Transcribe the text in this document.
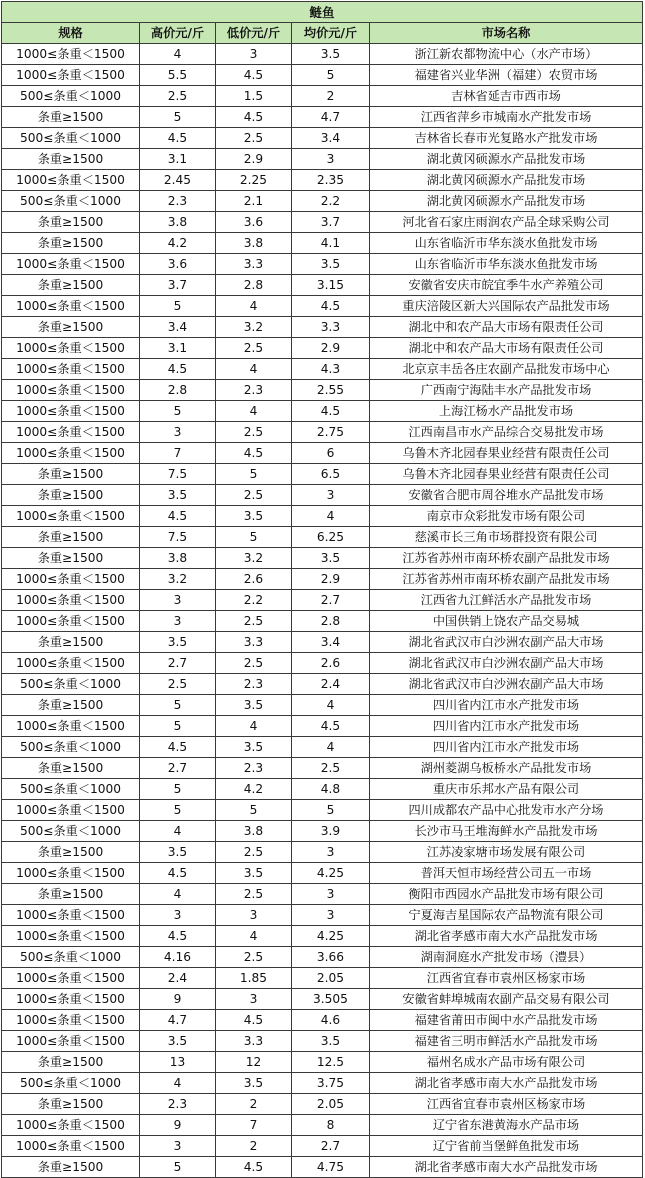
鲢鱼				
规格	高价元/斤	低价元/斤	均价元/斤	市场名称
1000≤条重＜1500	4	3	3.5	浙江新农都物流中心（水产市场）
1000≤条重＜1500	5.5	4.5	5	福建省兴业华洲（福建）农贸市场
500≤条重＜1000	2.5	1.5	2	吉林省延吉市西市场
条重≥1500	5	4.5	4.7	江西省萍乡市城南水产批发市场
500≤条重＜1000	4.5	2.5	3.4	吉林省长春市光复路水产批发市场
条重≥1500	3.1	2.9	3	湖北黄冈硕源水产品批发市场
1000≤条重＜1500	2.45	2.25	2.35	湖北黄冈硕源水产品批发市场
500≤条重＜1000	2.3	2.1	2.2	湖北黄冈硕源水产品批发市场
条重≥1500	3.8	3.6	3.7	河北省石家庄雨润农产品全球采购公司
条重≥1500	4.2	3.8	4.1	山东省临沂市华东淡水鱼批发市场
1000≤条重＜1500	3.6	3.3	3.5	山东省临沂市华东淡水鱼批发市场
条重≥1500	3.7	2.8	3.15	安徽省安庆市皖宜季牛水产养殖公司
1000≤条重＜1500	5	4	4.5	重庆涪陵区新大兴国际农产品批发市场
条重≥1500	3.4	3.2	3.3	湖北中和农产品大市场有限责任公司
1000≤条重＜1500	3.1	2.5	2.9	湖北中和农产品大市场有限责任公司
1000≤条重＜1500	4.5	4	4.3	北京京丰岳各庄农副产品批发市场中心
1000≤条重＜1500	2.8	2.3	2.55	广西南宁海陆丰水产品批发市场
1000≤条重＜1500	5	4	4.5	上海江杨水产品批发市场
1000≤条重＜1500	3	2.5	2.75	江西南昌市水产品综合交易批发市场
1000≤条重＜1500	7	4.5	6	乌鲁木齐北园春果业经营有限责任公司
条重≥1500	7.5	5	6.5	乌鲁木齐北园春果业经营有限责任公司
条重≥1500	3.5	2.5	3	安徽省合肥市周谷堆水产品批发市场
1000≤条重＜1500	4.5	3.5	4	南京市众彩批发市场有限公司
条重≥1500	7.5	5	6.25	慈溪市长三角市场群投资有限公司
条重≥1500	3.8	3.2	3.5	江苏省苏州市南环桥农副产品批发市场
1000≤条重＜1500	3.2	2.6	2.9	江苏省苏州市南环桥农副产品批发市场
1000≤条重＜1500	3	2.2	2.7	江西省九江鲜活水产品批发市场
1000≤条重＜1500	3	2.5	2.8	中国供销上饶农产品交易城
条重≥1500	3.5	3.3	3.4	湖北省武汉市白沙洲农副产品大市场
1000≤条重＜1500	2.7	2.5	2.6	湖北省武汉市白沙洲农副产品大市场
500≤条重＜1000	2.5	2.3	2.4	湖北省武汉市白沙洲农副产品大市场
条重≥1500	5	3.5	4	四川省内江市水产批发市场
1000≤条重＜1500	5	4	4.5	四川省内江市水产批发市场
500≤条重＜1000	4.5	3.5	4	四川省内江市水产批发市场
条重≥1500	2.7	2.3	2.5	湖州菱湖乌板桥水产品批发市场
500≤条重＜1000	5	4.2	4.8	重庆市乐邦水产品有限公司
1000≤条重＜1500	5	5	5	四川成都农产品中心批发市水产分场
500≤条重＜1000	4	3.8	3.9	长沙市马王堆海鲜水产品批发市场
条重≥1500	3.5	2.5	3	江苏凌家塘市场发展有限公司
1000≤条重＜1500	4.5	3.5	4.25	普洱天恒市场经营公司五一市场
条重≥1500	4	2.5	3	衡阳市西园水产品批发市场有限公司
1000≤条重＜1500	3	3	3	宁夏海吉星国际农产品物流有限公司
1000≤条重＜1500	4.5	4	4.25	湖北省孝感市南大水产品批发市场
500≤条重＜1000	4.16	2.5	3.66	湖南洞庭水产批发市场（澧县）
1000≤条重＜1500	2.4	1.85	2.05	江西省宜春市袁州区杨家市场
1000≤条重＜1500	9	3	3.505	安徽省蚌埠城南农副产品交易有限公司
1000≤条重＜1500	4.7	4.5	4.6	福建省莆田市闽中水产品批发市场
1000≤条重＜1500	3.5	3.3	3.5	福建省三明市鲜活水产品批发市场
条重≥1500	13	12	12.5	福州名成水产品市场有限公司
500≤条重＜1000	4	3.5	3.75	湖北省孝感市南大水产品批发市场
条重≥1500	2.3	2	2.05	江西省宜春市袁州区杨家市场
1000≤条重＜1500	9	7	8	辽宁省东港黄海水产品市场
1000≤条重＜1500	3	2	2.7	辽宁省前当堡鲜鱼批发市场
条重≥1500	5	4.5	4.75	湖北省孝感市南大水产品批发市场
